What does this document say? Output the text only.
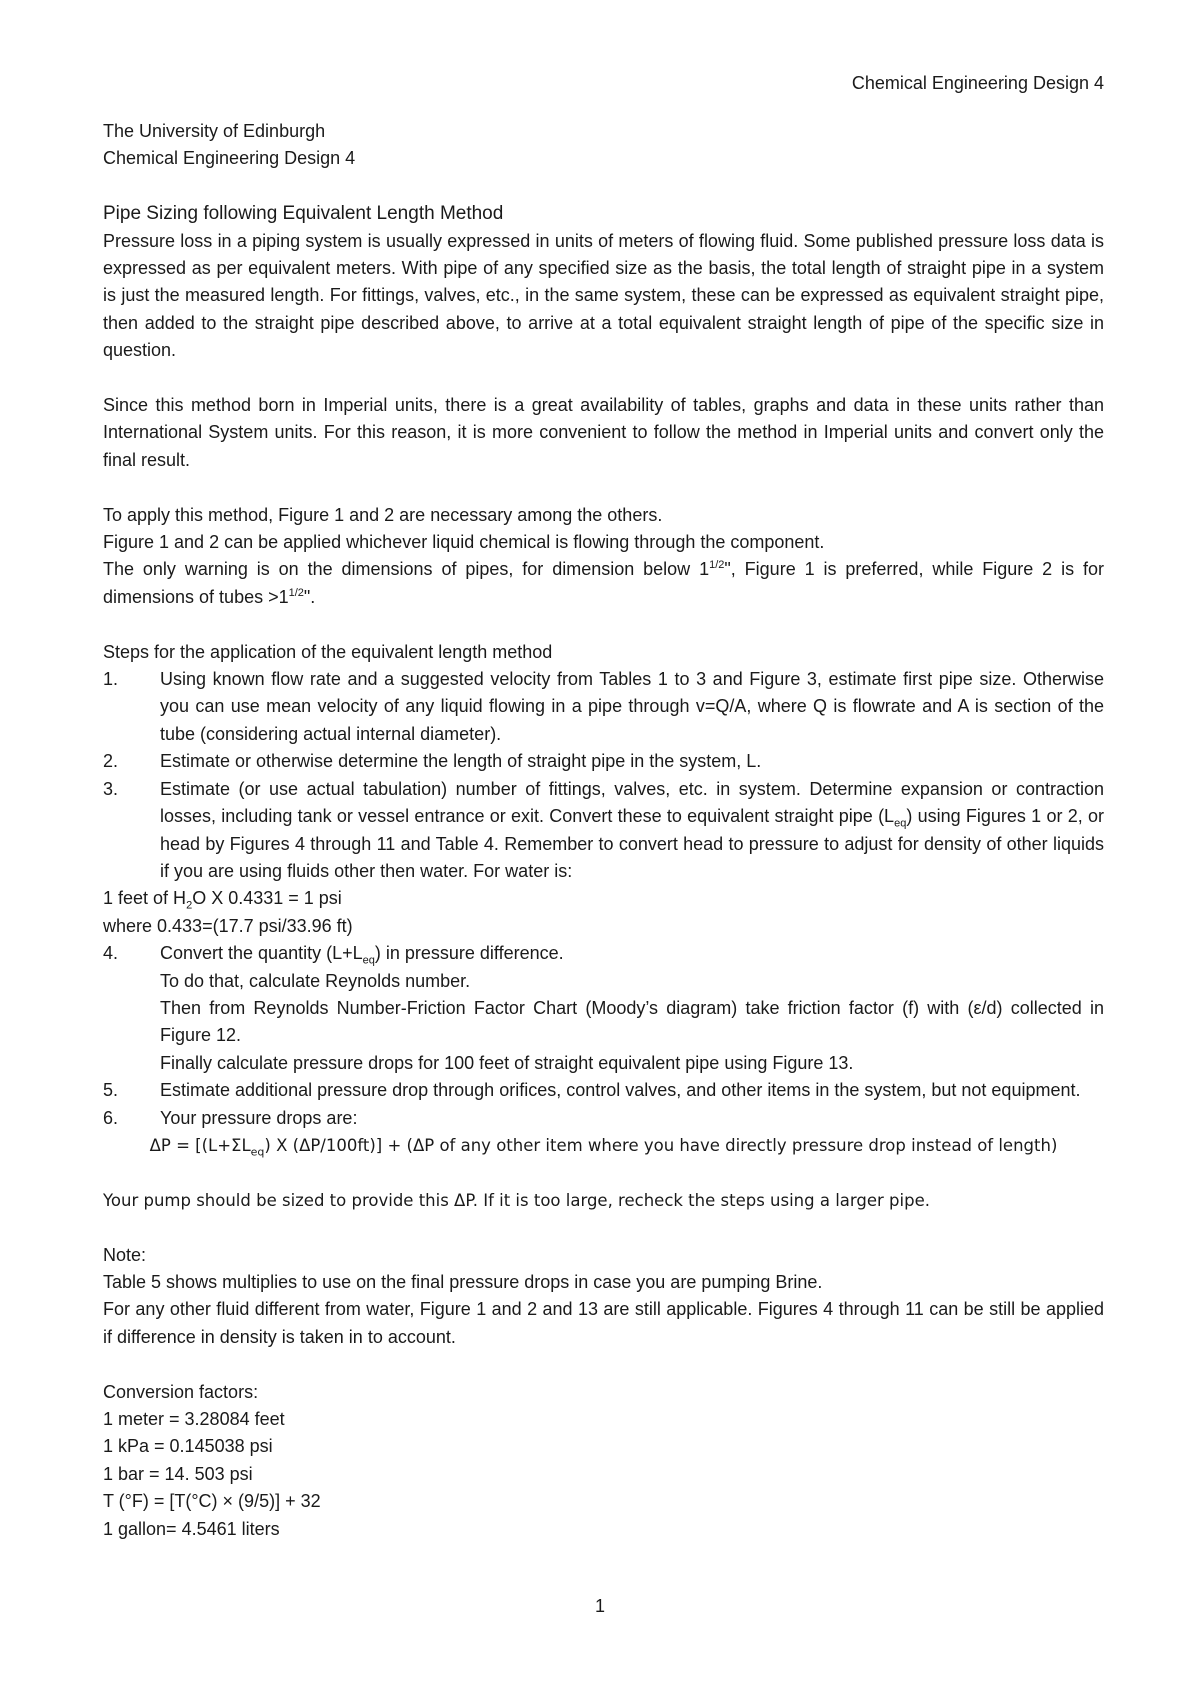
Chemical Engineering Design 4

The University of Edinburgh

Chemical Engineering Design 4

Pipe Sizing following Equivalent Length Method

Pressure loss in a piping system is usually expressed in units of meters of flowing fluid. Some published pressure loss data is expressed as per equivalent meters. With pipe of any specified size as the basis, the total length of straight pipe in a system is just the measured length. For fittings, valves, etc., in the same system, these can be expressed as equivalent straight pipe, then added to the straight pipe described above, to arrive at a total equivalent straight length of pipe of the specific size in question.

Since this method born in Imperial units, there is a great availability of tables, graphs and data in these units rather than International System units. For this reason, it is more convenient to follow the method in Imperial units and convert only the final result.

To apply this method, Figure 1 and 2 are necessary among the others.

Figure 1 and 2 can be applied whichever liquid chemical is flowing through the component.

The only warning is on the dimensions of pipes, for dimension below $1^{1/2}$", Figure 1 is preferred, while Figure 2 is for dimensions of tubes $>1^{1/2}$".

Steps for the application of the equivalent length method

1. Using known flow rate and a suggested velocity from Tables 1 to 3 and Figure 3, estimate first pipe size. Otherwise you can use mean velocity of any liquid flowing in a pipe through v=Q/A, where Q is flowrate and A is section of the tube (considering actual internal diameter).

2. Estimate or otherwise determine the length of straight pipe in the system, L.

3. Estimate (or use actual tabulation) number of fittings, valves, etc. in system. Determine expansion or contraction losses, including tank or vessel entrance or exit. Convert these to equivalent straight pipe $(L_{eq})$ using Figures 1 or 2, or head by Figures 4 through 11 and Table 4. Remember to convert head to pressure to adjust for density of other liquids if you are using fluids other then water. For water is:

1 feet of $H_2O$ X 0.4331 = 1 psi

where 0.433=(17.7 psi/33.96 ft)

4. Convert the quantity $(L+L_{eq})$ in pressure difference.

To do that, calculate Reynolds number.

Then from Reynolds Number-Friction Factor Chart (Moody’s diagram) take friction factor (f) with (ε/d) collected in Figure 12.

Finally calculate pressure drops for 100 feet of straight equivalent pipe using Figure 13.

5. Estimate additional pressure drop through orifices, control valves, and other items in the system, but not equipment.

6. Your pressure drops are:

$\Delta P = [(L+\Sigma L_{eq})$ X (ΔP/100ft)] + (ΔP of any other item where you have directly pressure drop instead of length)

Your pump should be sized to provide this ΔP. If it is too large, recheck the steps using a larger pipe.

Note:

Table 5 shows multiplies to use on the final pressure drops in case you are pumping Brine.

For any other fluid different from water, Figure 1 and 2 and 13 are still applicable. Figures 4 through 11 can be still be applied if difference in density is taken in to account.

Conversion factors:

1 meter = 3.28084 feet

1 kPa = 0.145038 psi

1 bar = 14. 503 psi

T (°F) = [T(°C) × (9/5)] + 32

1 gallon= 4.5461 liters

1
